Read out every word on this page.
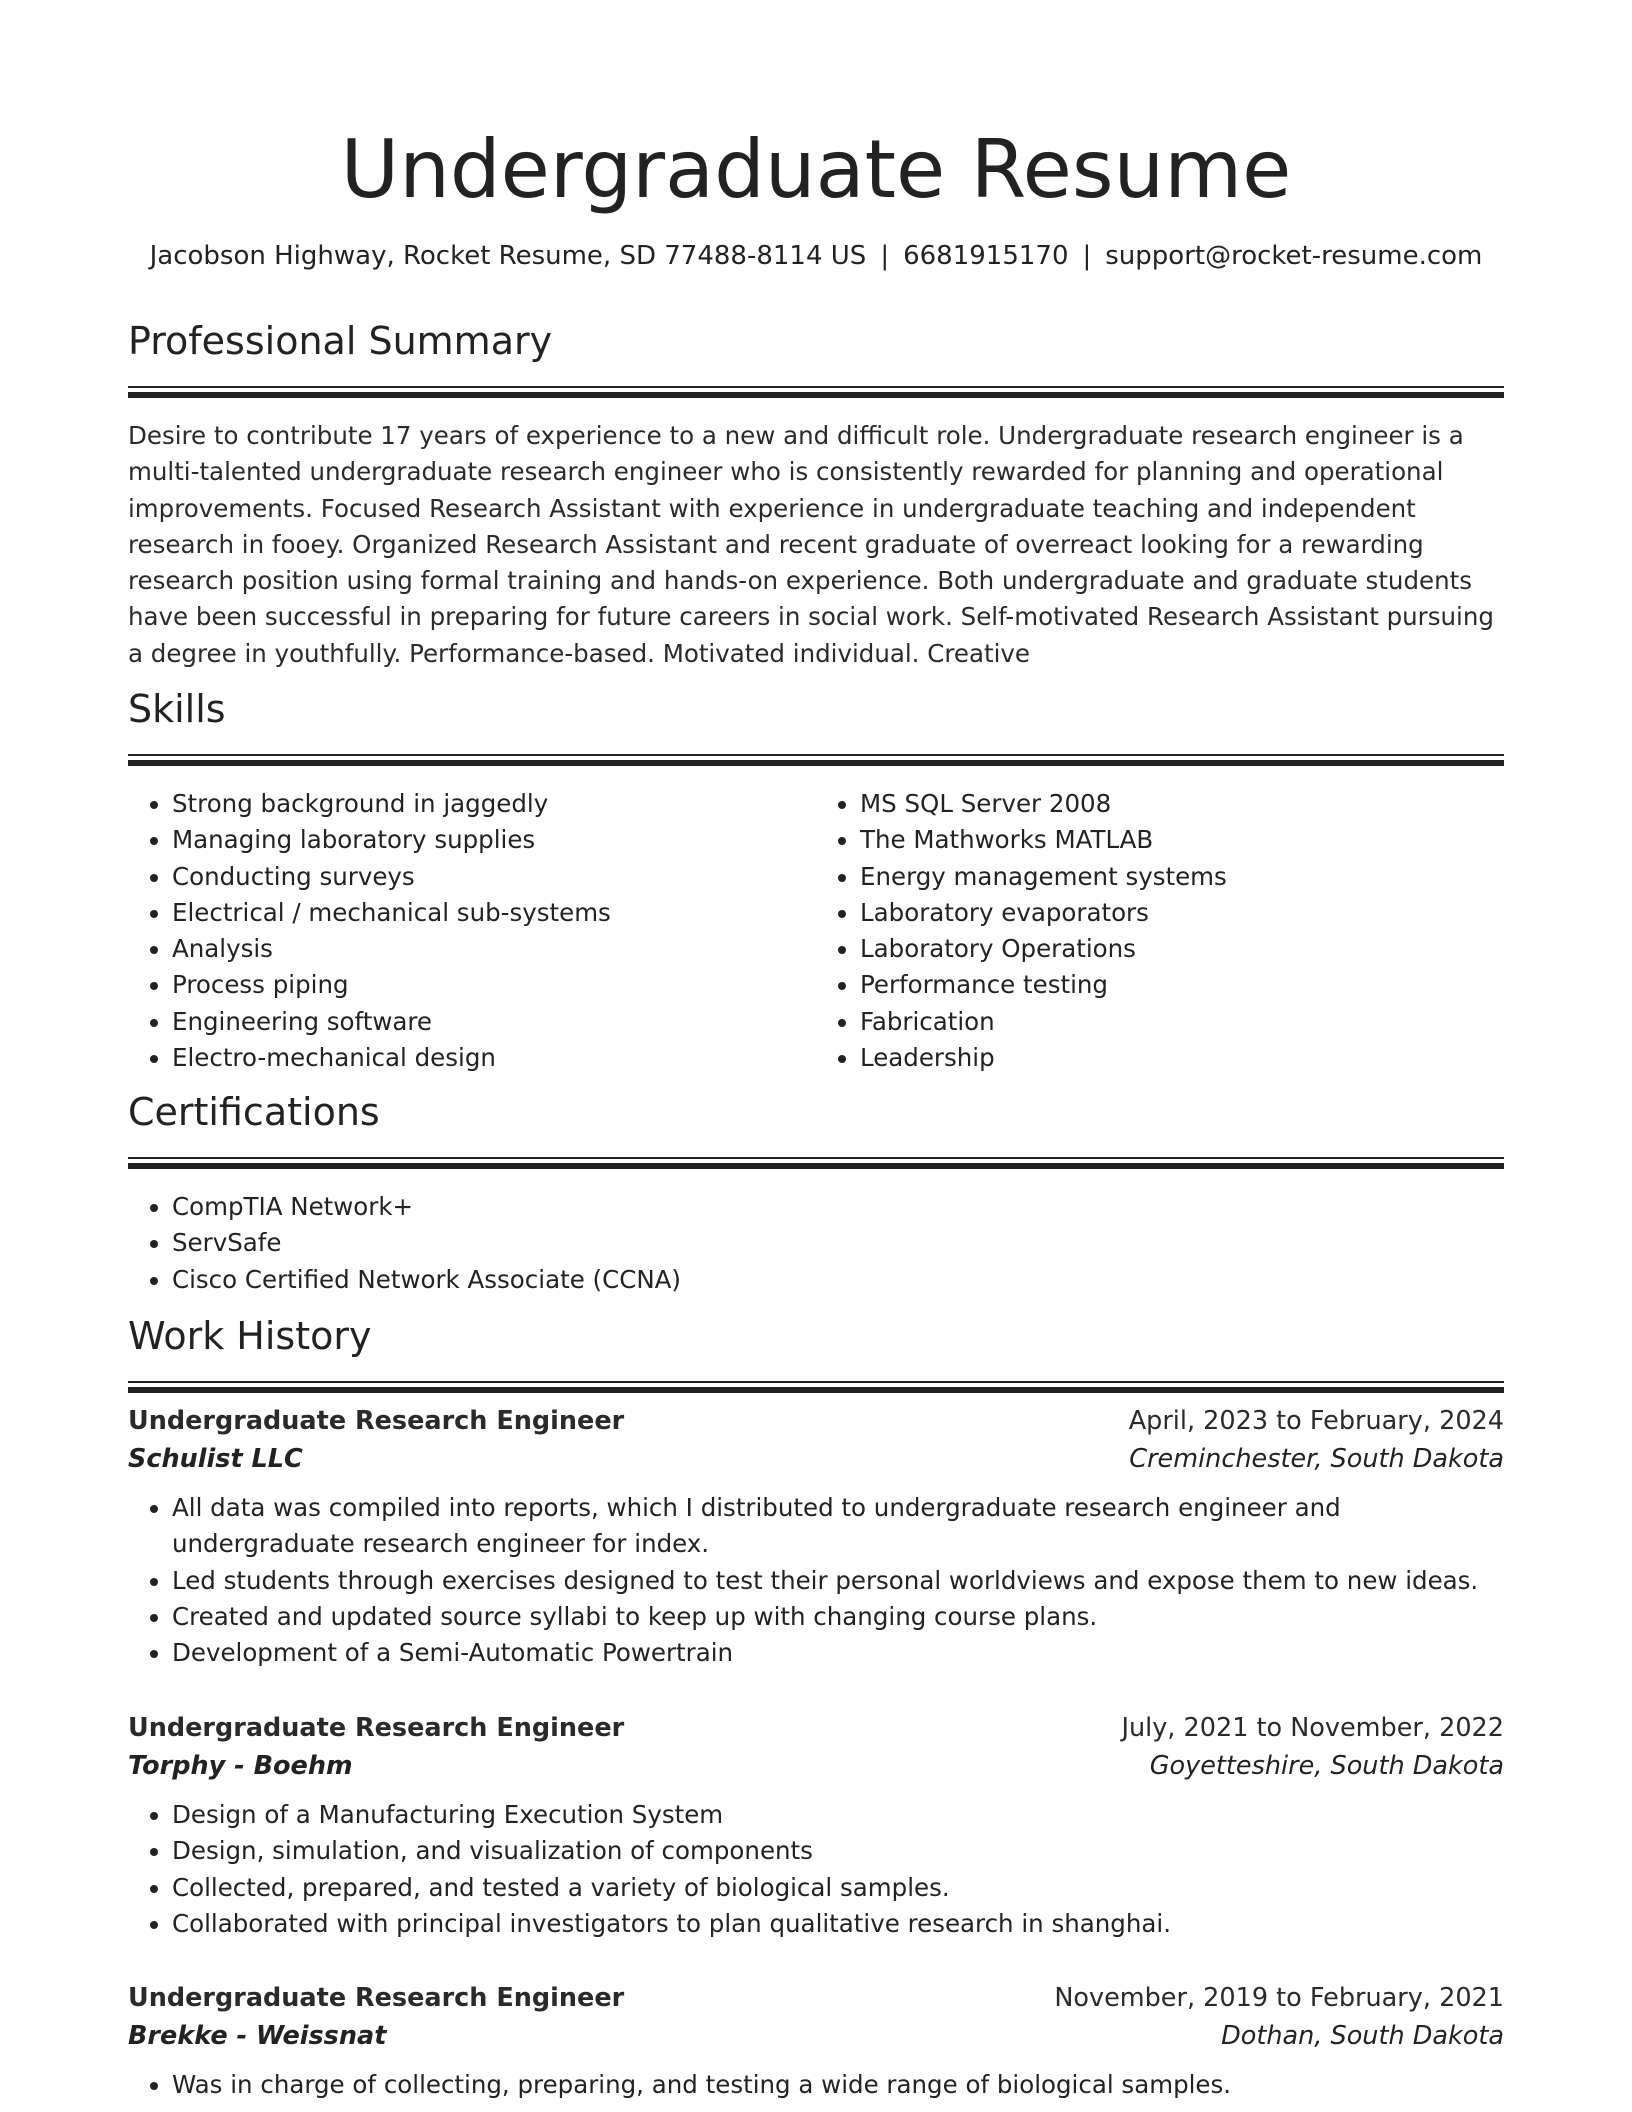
Undergraduate Resume
Jacobson Highway, Rocket Resume, SD 77488-8114 US | 6681915170 | support@rocket-resume.com
Professional Summary

Desire to contribute 17 years of experience to a new and difficult role. Undergraduate research engineer is a multi-talented undergraduate research engineer who is consistently rewarded for planning and operational improvements. Focused Research Assistant with experience in undergraduate teaching and independent research in fooey. Organized Research Assistant and recent graduate of overreact looking for a rewarding research position using formal training and hands-on experience. Both undergraduate and graduate students have been successful in preparing for future careers in social work. Self-motivated Research Assistant pursuing a degree in youthfully. Performance-based. Motivated individual. Creative

Skills
• Strong background in jaggedly
• Managing laboratory supplies
• Conducting surveys
• Electrical / mechanical sub-systems
• Analysis
• Process piping
• Engineering software
• Electro-mechanical design
• MS SQL Server 2008
• The Mathworks MATLAB
• Energy management systems
• Laboratory evaporators
• Laboratory Operations
• Performance testing
• Fabrication
• Leadership
Certifications
• CompTIA Network+
• ServSafe
• Cisco Certified Network Associate (CCNA)
Work History
Undergraduate Research Engineer	April, 2023 to February, 2024
Schulist LLC	Creminchester, South Dakota
• All data was compiled into reports, which I distributed to undergraduate research engineer and undergraduate research engineer for index.
• Led students through exercises designed to test their personal worldviews and expose them to new ideas.
• Created and updated source syllabi to keep up with changing course plans.
• Development of a Semi-Automatic Powertrain
Undergraduate Research Engineer	July, 2021 to November, 2022
Torphy - Boehm	Goyetteshire, South Dakota
• Design of a Manufacturing Execution System
• Design, simulation, and visualization of components
• Collected, prepared, and tested a variety of biological samples.
• Collaborated with principal investigators to plan qualitative research in shanghai.
Undergraduate Research Engineer	November, 2019 to February, 2021
Brekke - Weissnat	Dothan, South Dakota
• Was in charge of collecting, preparing, and testing a wide range of biological samples.
